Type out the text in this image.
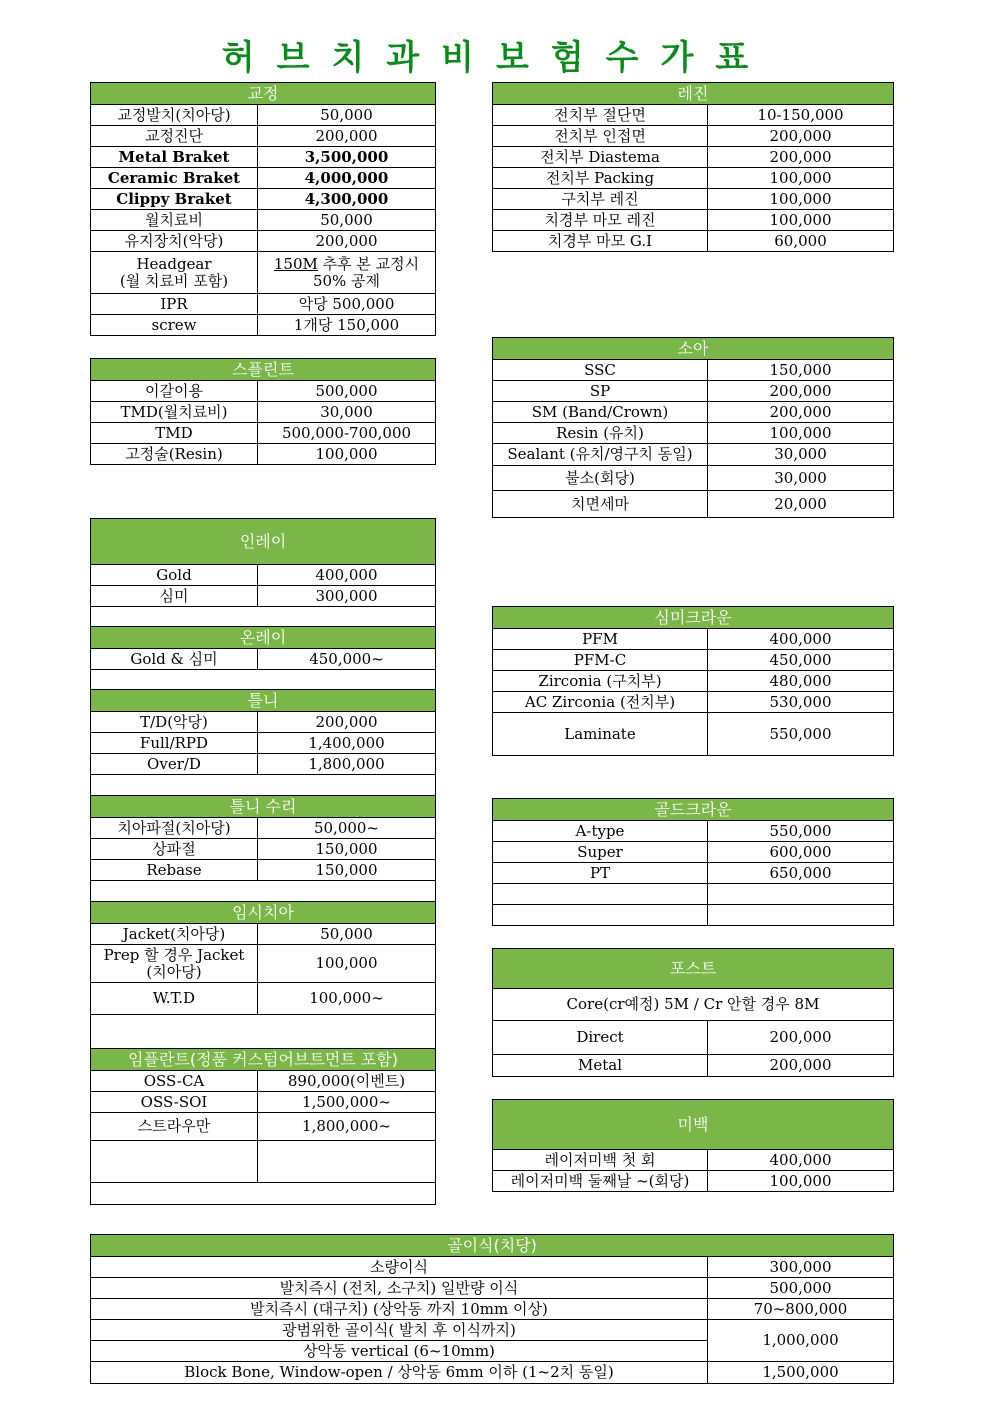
허브치과비보험수가표
교정	
교정발치(치아당)	50,000
교정진단	200,000
Metal Braket	3,500,000
Ceramic Braket	4,000,000
Clippy Braket	4,300,000
월치료비	50,000
유지장치(악당)	200,000
Headgear
(월 치료비 포함)	150M 추후 본 교정시
50% 공제
IPR	악당 500,000
screw	1개당 150,000
레진	
전치부 절단면	10-150,000
전치부 인접면	200,000
전치부 Diastema	200,000
전치부 Packing	100,000
구치부 레진	100,000
치경부 마모 레진	100,000
치경부 마모 G.I	60,000
스플린트	
이갈이용	500,000
TMD(월치료비)	30,000
TMD	500,000-700,000
고정술(Resin)	100,000
소아	
SSC	150,000
SP	200,000
SM (Band/Crown)	200,000
Resin (유치)	100,000
Sealant (유치/영구치 동일)	30,000
불소(회당)	30,000
치면세마	20,000
인레이	
Gold	400,000
심미	300,000

온레이	
Gold & 심미	450,000~

틀니	
T/D(악당)	200,000
Full/RPD	1,400,000
Over/D	1,800,000

틀니 수리	
치아파절(치아당)	50,000~
상파절	150,000
Rebase	150,000

임시치아	
Jacket(치아당)	50,000
Prep 할 경우 Jacket
(치아당)	100,000
W.T.D	100,000~

임플란트(정품 커스텀어브트먼트 포함)	
OSS-CA	890,000(이벤트)
OSS-SOI	1,500,000~
스트라우만	1,800,000~

심미크라운	
PFM	400,000
PFM-C	450,000
Zirconia (구치부)	480,000
AC Zirconia (전치부)	530,000
Laminate	550,000
골드크라운	
A-type	550,000
Super	600,000
PT	650,000

포스트	
Core(cr예정) 5M / Cr 안할 경우 8M	
Direct	200,000
Metal	200,000
미백	
레이저미백 첫 회	400,000
레이저미백 둘째날 ~(회당)	100,000
골이식(치당)	
소량이식	300,000
발치즉시 (전치, 소구치) 일반량 이식	500,000
발치즉시 (대구치) (상악동 까지 10mm 이상)	70~800,000
광범위한 골이식( 발치 후 이식까지)	1,000,000
상악동 vertical (6~10mm)	
Block Bone, Window-open / 상악동 6mm 이하 (1~2치 동일)	1,500,000
